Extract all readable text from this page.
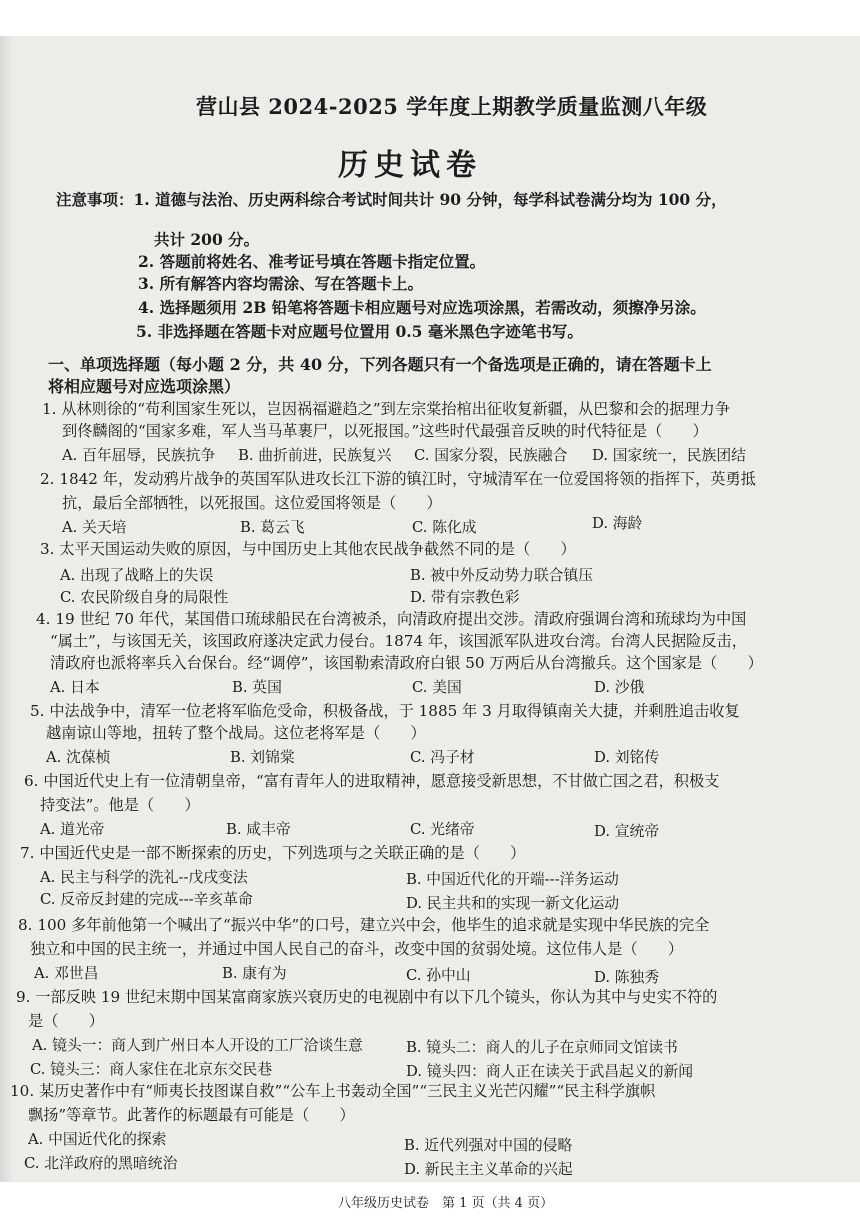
营山县 2024-2025 学年度上期教学质量监测八年级
历史试卷
注意事项：1. 道德与法治、历史两科综合考试时间共计 90 分钟，每学科试卷满分均为 100 分，
共计 200 分。
2. 答题前将姓名、准考证号填在答题卡指定位置。
3. 所有解答内容均需涂、写在答题卡上。
4. 选择题须用 2B 铅笔将答题卡相应题号对应选项涂黑，若需改动，须擦净另涂。
5. 非选择题在答题卡对应题号位置用 0.5 毫米黑色字迹笔书写。
一、单项选择题（每小题 2 分，共 40 分，下列各题只有一个备选项是正确的，请在答题卡上
将相应题号对应选项涂黑）
1. 从林则徐的“苟利国家生死以，岂因祸福避趋之”到左宗棠抬棺出征收复新疆，从巴黎和会的据理力争
到佟麟阁的“国家多难，军人当马革裹尸，以死报国。”这些时代最强音反映的时代特征是（　　）
A. 百年屈辱，民族抗争 B. 曲折前进，民族复兴 C. 国家分裂，民族融合 D. 国家统一，民族团结
2. 1842 年，发动鸦片战争的英国军队进攻长江下游的镇江时，守城清军在一位爱国将领的指挥下，英勇抵
抗，最后全部牺牲，以死报国。这位爱国将领是（　　）
A. 关天培	B. 葛云飞	C. 陈化成	D. 海龄
3. 太平天国运动失败的原因，与中国历史上其他农民战争截然不同的是（　　）
A. 出现了战略上的失误	B. 被中外反动势力联合镇压
C. 农民阶级自身的局限性	D. 带有宗教色彩
4. 19 世纪 70 年代，某国借口琉球船民在台湾被杀，向清政府提出交涉。清政府强调台湾和琉球均为中国
“属土”，与该国无关，该国政府遂决定武力侵台。1874 年，该国派军队进攻台湾。台湾人民据险反击，
清政府也派将率兵入台保台。经“调停”，该国勒索清政府白银 50 万两后从台湾撤兵。这个国家是（　　）
A. 日本	B. 英国	C. 美国	D. 沙俄
5. 中法战争中，清军一位老将军临危受命，积极备战，于 1885 年 3 月取得镇南关大捷，并剩胜追击收复
越南谅山等地，扭转了整个战局。这位老将军是（　　）
A. 沈葆桢	B. 刘锦棠	C. 冯子材	D. 刘铭传
6. 中国近代史上有一位清朝皇帝，“富有青年人的进取精神，愿意接受新思想，不甘做亡国之君，积极支
持变法”。他是（　　）
A. 道光帝	B. 咸丰帝	C. 光绪帝	D. 宣统帝
7. 中国近代史是一部不断探索的历史，下列选项与之关联正确的是（　　）
A. 民主与科学的洗礼--戊戌变法	B. 中国近代化的开端---洋务运动
C. 反帝反封建的完成---辛亥革命	D. 民主共和的实现一新文化运动
8. 100 多年前他第一个喊出了“振兴中华”的口号，建立兴中会，他毕生的追求就是实现中华民族的完全
独立和中国的民主统一，并通过中国人民自己的奋斗，改变中国的贫弱处境。这位伟人是（　　）
A. 邓世昌	B. 康有为	C. 孙中山	D. 陈独秀
9. 一部反映 19 世纪末期中国某富商家族兴衰历史的电视剧中有以下几个镜头，你认为其中与史实不符的
是（　　）
A. 镜头一：商人到广州日本人开设的工厂洽谈生意	B. 镜头二：商人的儿子在京师同文馆读书
C. 镜头三：商人家住在北京东交民巷	D. 镜头四：商人正在读关于武昌起义的新闻
10. 某历史著作中有“师夷长技图谋自救”“公车上书轰动全国”“三民主义光芒闪耀”“民主科学旗帜
飘扬”等章节。此著作的标题最有可能是（　　）
A. 中国近代化的探索	B. 近代列强对中国的侵略
C. 北洋政府的黑暗统治	D. 新民主主义革命的兴起
八年级历史试卷　第 1 页（共 4 页）
